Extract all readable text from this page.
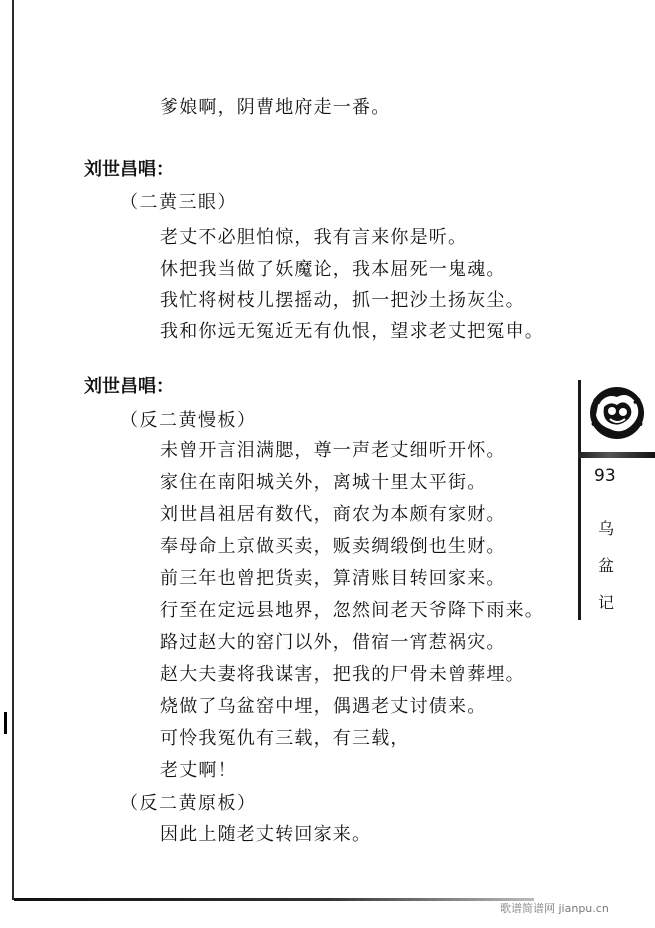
爹娘啊，阴曹地府走一番。
刘世昌唱：
（二黄三眼）
老丈不必胆怕惊，我有言来你是听。
休把我当做了妖魔论，我本屈死一鬼魂。
我忙将树枝儿摆摇动，抓一把沙土扬灰尘。
我和你远无冤近无有仇恨，望求老丈把冤申。
刘世昌唱：
（反二黄慢板）
未曾开言泪满腮，尊一声老丈细听开怀。
家住在南阳城关外，离城十里太平街。
刘世昌祖居有数代，商农为本颇有家财。
奉母命上京做买卖，贩卖绸缎倒也生财。
前三年也曾把货卖，算清账目转回家来。
行至在定远县地界，忽然间老天爷降下雨来。
路过赵大的窑门以外，借宿一宵惹祸灾。
赵大夫妻将我谋害，把我的尸骨未曾葬埋。
烧做了乌盆窑中埋，偶遇老丈讨债来。
可怜我冤仇有三载，有三载，
老丈啊！
（反二黄原板）
因此上随老丈转回家来。
93
乌
盆
记
歌谱简谱网 jianpu.cn
